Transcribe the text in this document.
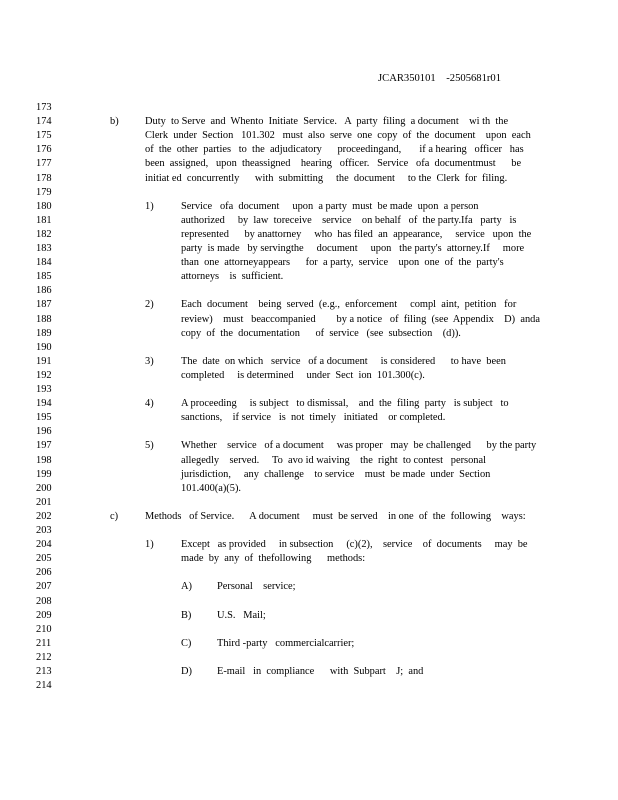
JCAR350101    -2505681r01
173
174	b)	Duty  to Serve  and  Whento  Initiate  Service.   A  party  filing  a document    wi th  the
175	Clerk  under  Section   101.302   must  also  serve  one  copy  of  the  document    upon  each
176	of  the  other  parties   to  the  adjudicatory      proceedingand,       if a hearing   officer   has
177	been  assigned,   upon  theassigned    hearing   officer.   Service   ofa  documentmust      be
178	initiat ed  concurrently      with  submitting     the  document     to the  Clerk  for  filing.
179
180	1)	Service   ofa  document     upon  a party  must  be made  upon  a person
181	authorized     by  law  toreceive    service    on behalf   of  the party.Ifa   party   is
182	represented      by anattorney     who  has filed  an  appearance,     service   upon  the
183	party  is made   by servingthe     document     upon   the party's  attorney.If     more
184	than  one  attorneyappears      for  a party,  service    upon  one  of  the  party's
185	attorneys    is  sufficient.
186
187	2)	Each  document    being  served  (e.g.,  enforcement     compl  aint,  petition   for
188	review)    must   beaccompanied        by a notice   of  filing  (see  Appendix    D)  anda
189	copy  of  the  documentation      of  service   (see  subsection    (d)).
190
191	3)	The  date  on which   service   of a document     is considered      to have  been
192	completed     is determined     under  Sect  ion  101.300(c).
193
194	4)	A proceeding     is subject   to dismissal,    and  the  filing  party   is subject   to
195	sanctions,    if service   is  not  timely   initiated    or completed.
196
197	5)	Whether    service   of a document     was proper   may  be challenged      by the party
198	allegedly    served.     To  avo id waiving    the  right  to contest   personal
199	jurisdiction,     any  challenge    to service    must  be made  under  Section
200	101.400(a)(5).
201
202	c)	Methods   of Service.      A document     must  be served    in one  of  the  following    ways:
203
204	1)	Except   as provided     in subsection     (c)(2),    service    of  documents     may  be
205	made  by  any  of  thefollowing      methods:
206
207	A) Personal    service;
208
209	B) U.S.   Mail;
210
211	C) Third -party   commercialcarrier;
212
213	D) E-mail   in  compliance      with  Subpart    J;  and
214
